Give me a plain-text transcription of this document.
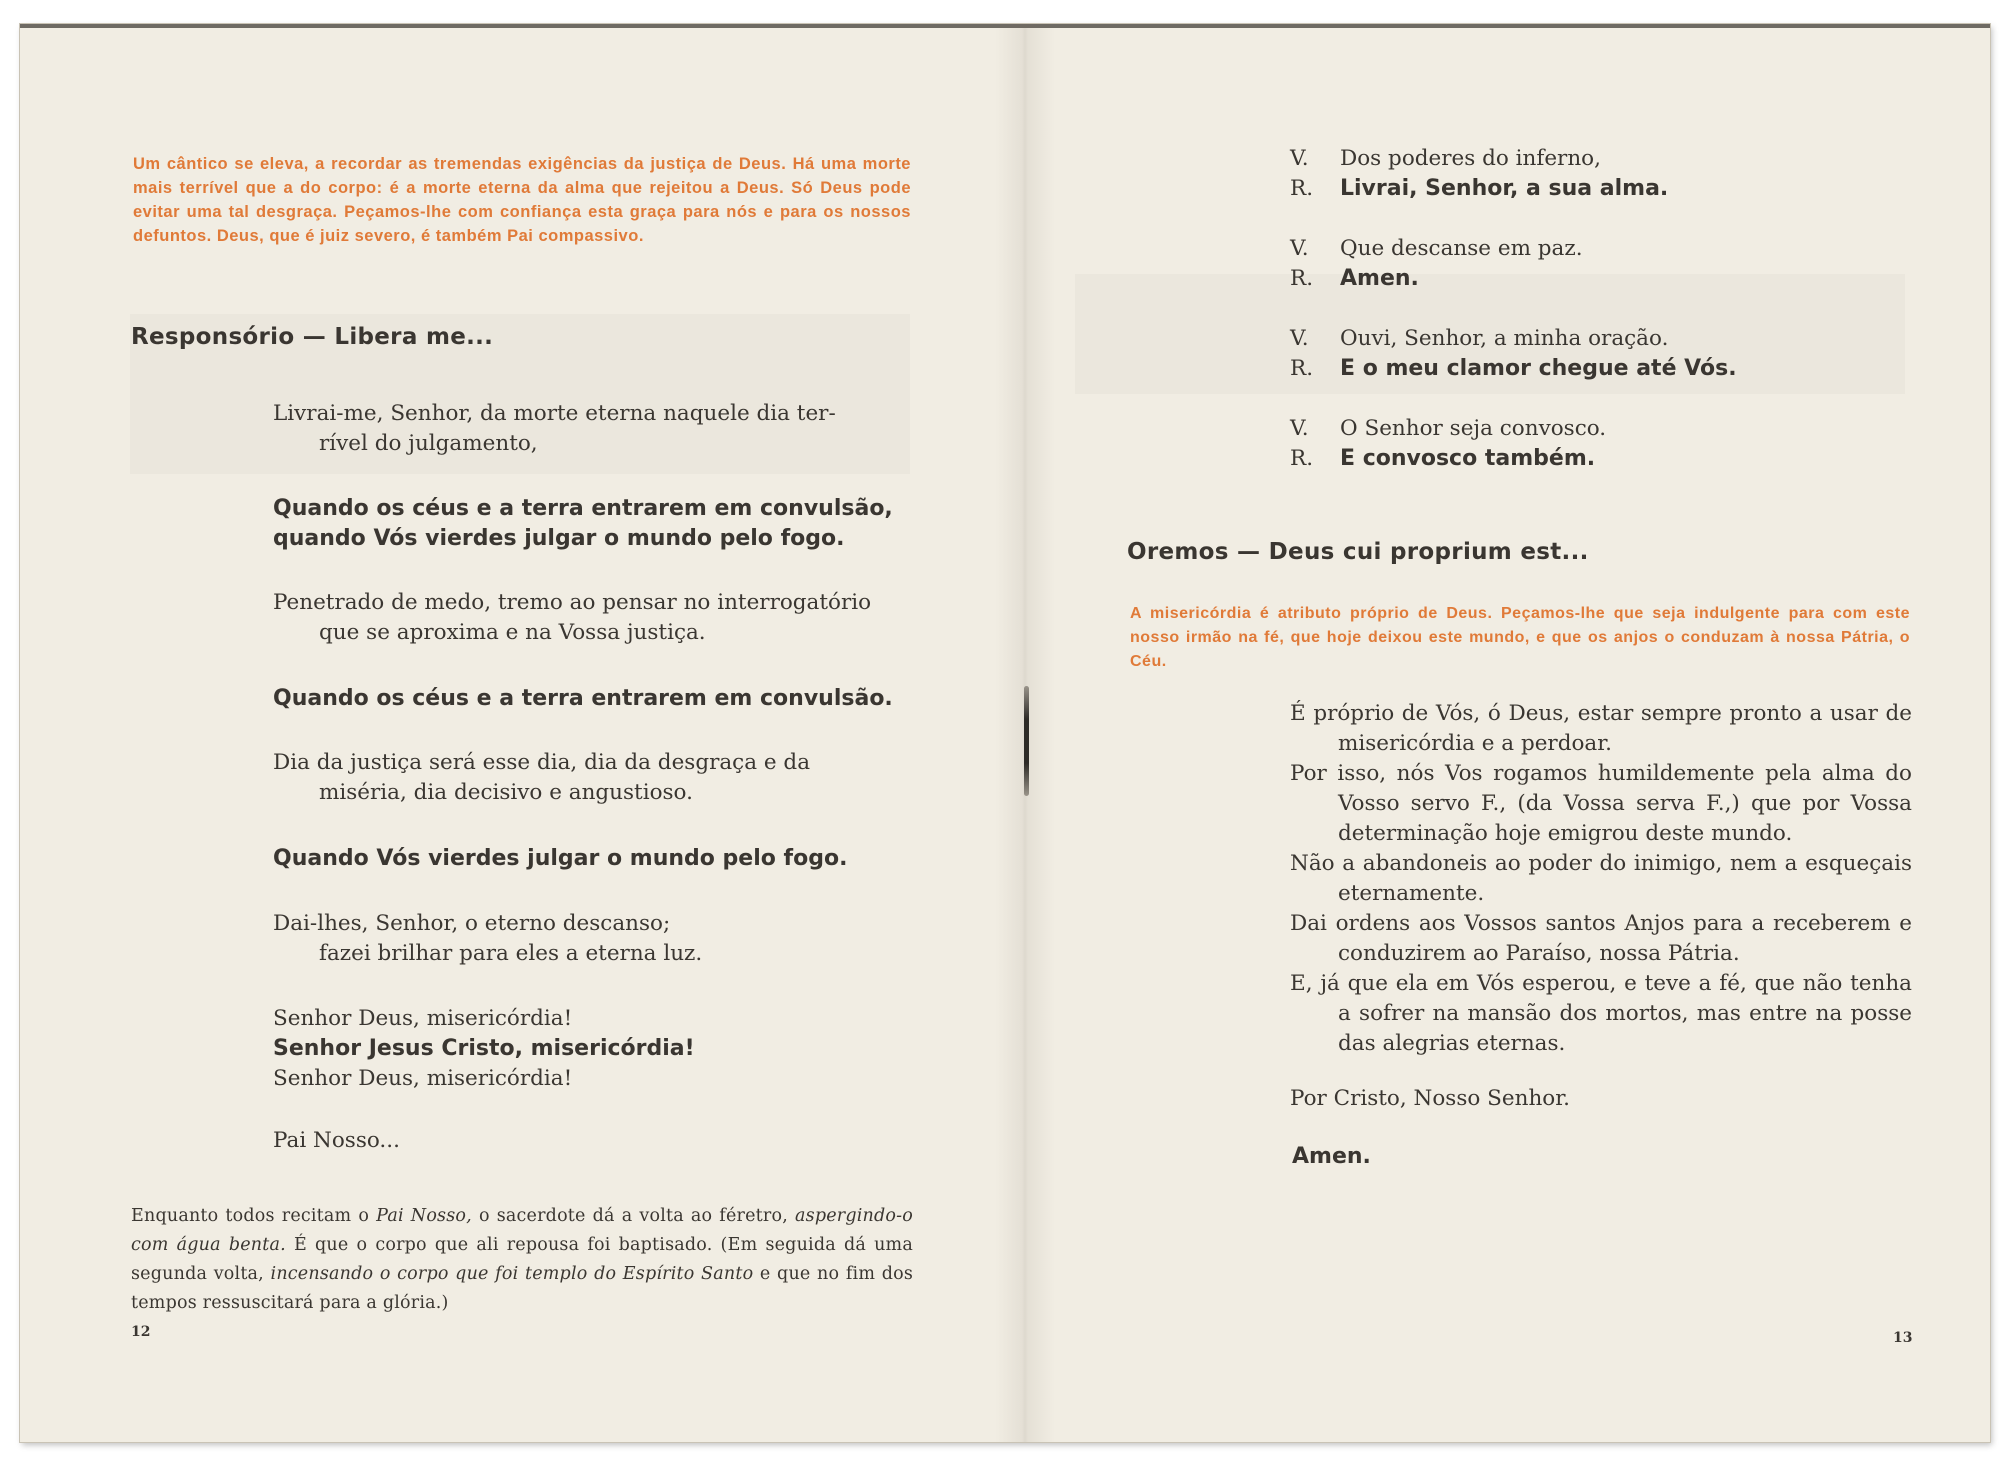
Um cântico se eleva, a recordar as tremendas exigências da justiça de Deus. Há uma morte mais terrível que a do corpo: é a morte eterna da alma que rejeitou a Deus. Só Deus pode evitar uma tal desgraça. Peçamos-lhe com confiança esta graça para nós e para os nossos defuntos. Deus, que é juiz severo, é também Pai compassivo.
Responsório — Libera me...
Livrai-me, Senhor, da morte eterna naquele dia ter-
rível do julgamento,
Quando os céus e a terra entrarem em convulsão,
quando Vós vierdes julgar o mundo pelo fogo.
Penetrado de medo, tremo ao pensar no interrogatório
que se aproxima e na Vossa justiça.
Quando os céus e a terra entrarem em convulsão.
Dia da justiça será esse dia, dia da desgraça e da
miséria, dia decisivo e angustioso.
Quando Vós vierdes julgar o mundo pelo fogo.
Dai-lhes, Senhor, o eterno descanso;
fazei brilhar para eles a eterna luz.
Senhor Deus, misericórdia!
Senhor Jesus Cristo, misericórdia!
Senhor Deus, misericórdia!
Pai Nosso...
Enquanto todos recitam o Pai Nosso, o sacerdote dá a volta ao féretro, aspergindo-o com água benta. É que o corpo que ali repousa foi baptisado. (Em seguida dá uma segunda volta, incensando o corpo que foi templo do Espírito Santo e que no fim dos tempos ressuscitará para a glória.)
12
V.	Dos poderes do inferno,
R.	Livrai, Senhor, a sua alma.
V.	Que descanse em paz.
R.	Amen.
V.	Ouvi, Senhor, a minha oração.
R.	E o meu clamor chegue até Vós.
V.	O Senhor seja convosco.
R.	E convosco também.
Oremos — Deus cui proprium est...
A misericórdia é atributo próprio de Deus. Peçamos-lhe que seja indulgente para com este nosso irmão na fé, que hoje deixou este mundo, e que os anjos o conduzam à nossa Pátria, o Céu.
É próprio de Vós, ó Deus, estar sempre pronto a usar de misericórdia e a perdoar.
Por isso, nós Vos rogamos humildemente pela alma do Vosso servo F., (da Vossa serva F.,) que por Vossa determinação hoje emigrou deste mundo.
Não a abandoneis ao poder do inimigo, nem a esqueçais eternamente.
Dai ordens aos Vossos santos Anjos para a receberem e conduzirem ao Paraíso, nossa Pátria.
E, já que ela em Vós esperou, e teve a fé, que não tenha a sofrer na mansão dos mortos, mas entre na posse das alegrias eternas.
Por Cristo, Nosso Senhor.
Amen.
13
